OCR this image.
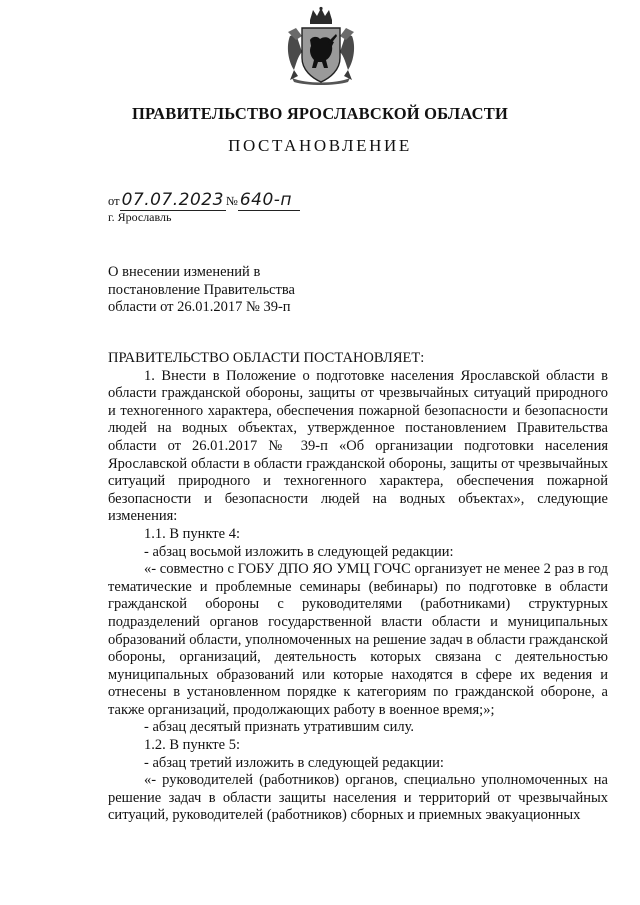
ПРАВИТЕЛЬСТВО ЯРОСЛАВСКОЙ ОБЛАСТИ
ПОСТАНОВЛЕНИЕ
от 07.07.2023 № 640-п
г. Ярославль
О внесении изменений в
постановление Правительства
области от 26.01.2017 № 39-п

ПРАВИТЕЛЬСТВО ОБЛАСТИ ПОСТАНОВЛЯЕТ:

1. Внести в Положение о подготовке населения Ярославской области в области гражданской обороны, защиты от чрезвычайных ситуаций природного и техногенного характера, обеспечения пожарной безопасности и безопасности людей на водных объектах, утвержденное постановлением Правительства области от 26.01.2017 № 39-п «Об организации подготовки населения Ярославской области в области гражданской обороны, защиты от чрезвычайных ситуаций природного и техногенного характера, обеспечения пожарной безопасности и безопасности людей на водных объектах», следующие изменения:

1.1. В пункте 4:

- абзац восьмой изложить в следующей редакции:

«- совместно с ГОБУ ДПО ЯО УМЦ ГОЧС организует не менее 2 раз в год тематические и проблемные семинары (вебинары) по подготовке в области гражданской обороны с руководителями (работниками) структурных подразделений органов государственной власти области и муниципальных образований области, уполномоченных на решение задач в области гражданской обороны, организаций, деятельность которых связана с деятельностью муниципальных образований или которые находятся в сфере их ведения и отнесены в установленном порядке к категориям по гражданской обороне, а также организаций, продолжающих работу в военное время;»;

- абзац десятый признать утратившим силу.

1.2. В пункте 5:

- абзац третий изложить в следующей редакции:

«- руководителей (работников) органов, специально уполномоченных на решение задач в области защиты населения и территорий от чрезвычайных ситуаций, руководителей (работников) сборных и приемных эвакуационных
